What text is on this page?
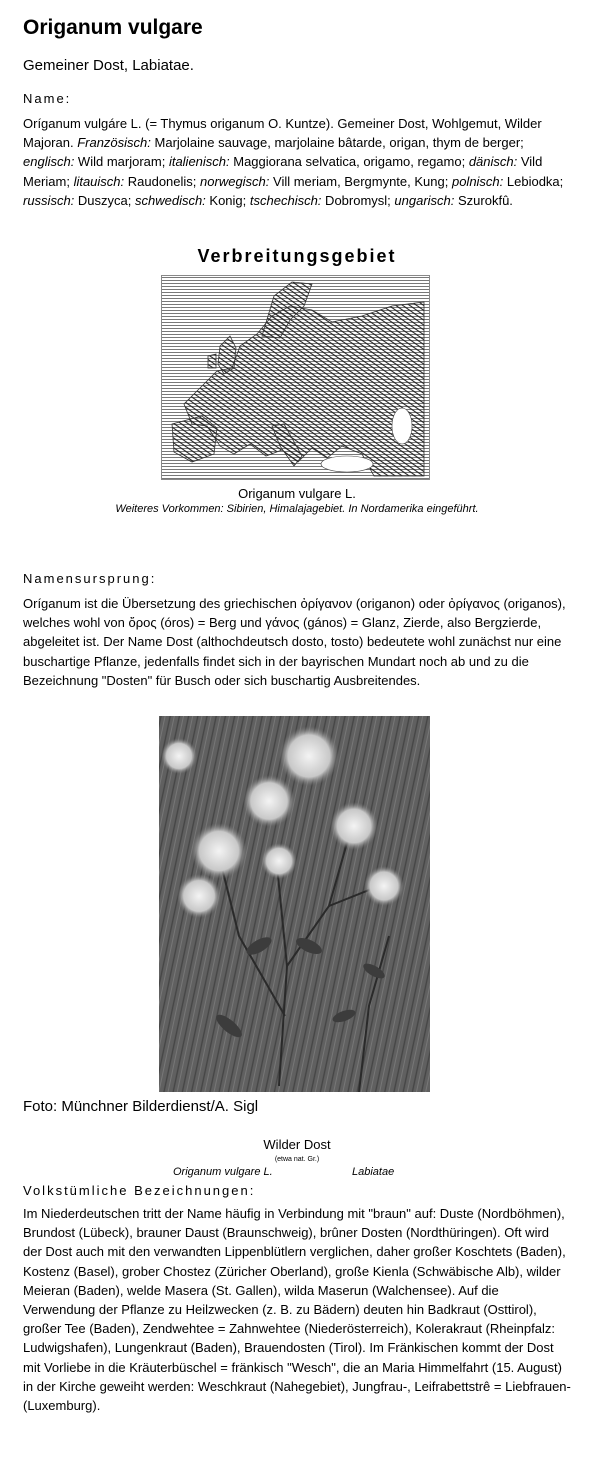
Origanum vulgare

Gemeiner Dost, Labiatae.

Name:

Oríganum vulgáre L. (= Thymus origanum O. Kuntze). Gemeiner Dost, Wohlgemut, Wilder Majoran. Französisch: Marjolaine sauvage, marjolaine bâtarde, origan, thym de berger; englisch: Wild marjoram; italienisch: Maggiorana selvatica, origamo, regamo; dänisch: Vild Meriam; litauisch: Raudonelis; norwegisch: Vill meriam, Bergmynte, Kung; polnisch: Lebiodka; russisch: Duszyca; schwedisch: Konig; tschechisch: Dobromysl; ungarisch: Szurokfû.

Verbreitungsgebiet
Origanum vulgare L.
Weiteres Vorkommen: Sibirien, Himalajagebiet. In Nordamerika eingeführt.

Namensursprung:

Oríganum ist die Übersetzung des griechischen ὀρίγανον (origanon) oder ὀρίγανος (origanos), welches wohl von ὄρος (óros) = Berg und γάνος (gános) = Glanz, Zierde, also Bergzierde, abgeleitet ist. Der Name Dost (althochdeutsch dosto, tosto) bedeutete wohl zunächst nur eine buschartige Pflanze, jedenfalls findet sich in der bayrischen Mundart noch ab und zu die Bezeichnung "Dosten" für Busch oder sich buschartig Ausbreitendes.

Foto: Münchner Bilderdienst/A. Sigl
Wilder Dost
(etwa nat. Gr.)
Origanum vulgare L.	Labiatae

Volkstümliche Bezeichnungen:

Im Niederdeutschen tritt der Name häufig in Verbindung mit "braun" auf: Duste (Nordböhmen), Brundost (Lübeck), brauner Daust (Braunschweig), brûner Dosten (Nordthüringen). Oft wird der Dost auch mit den verwandten Lippenblütlern verglichen, daher großer Koschtets (Baden), Kostenz (Basel), grober Chostez (Züricher Oberland), große Kienla (Schwäbische Alb), wilder Meieran (Baden), welde Masera (St. Gallen), wilda Maserun (Walchensee). Auf die Verwendung der Pflanze zu Heilzwecken (z. B. zu Bädern) deuten hin Badkraut (Osttirol), großer Tee (Baden), Zendwehtee = Zahnwehtee (Niederösterreich), Kolerakraut (Rheinpfalz: Ludwigshafen), Lungenkraut (Baden), Brauendosten (Tirol). Im Fränkischen kommt der Dost mit Vorliebe in die Kräuterbüschel = fränkisch "Wesch", die an Maria Himmelfahrt (15. August) in der Kirche geweiht werden: Weschkraut (Nahegebiet), Jungfrau-, Leifrabettstrê = Liebfrauen- (Luxemburg).
